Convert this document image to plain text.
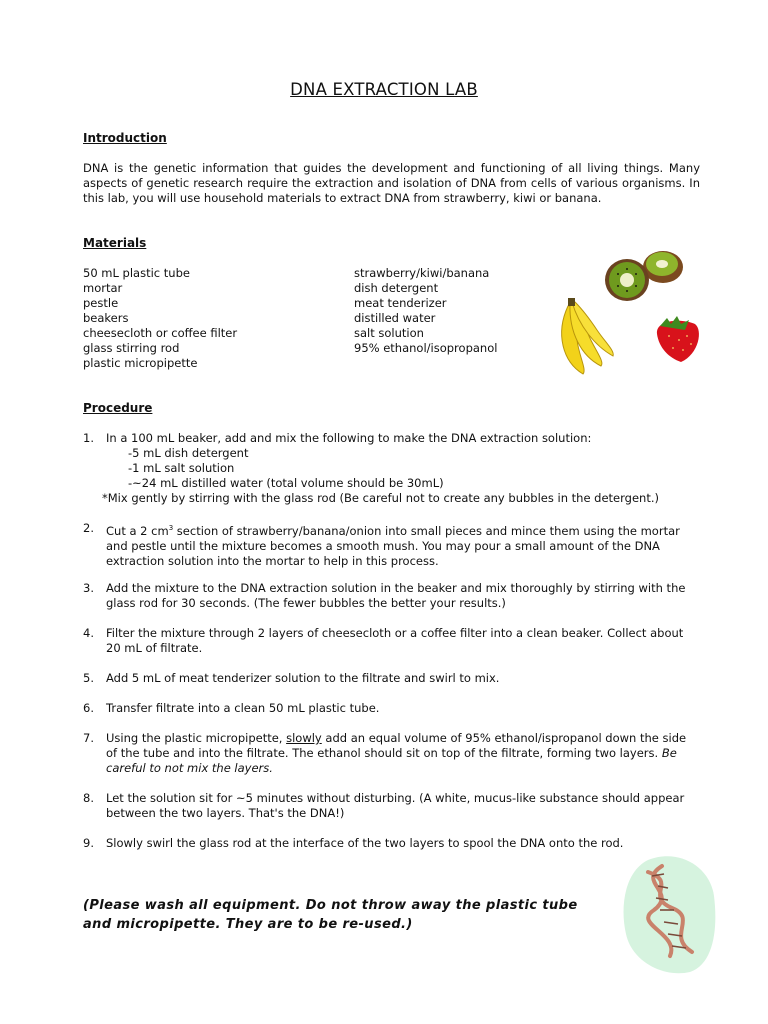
DNA EXTRACTION LAB
Introduction
DNA is the genetic information that guides the development and functioning of all living things. Many aspects of genetic research require the extraction and isolation of DNA from cells of various organisms. In this lab, you will use household materials to extract DNA from strawberry, kiwi or banana.
Materials
50 mL plastic tube
mortar
pestle
beakers
cheesecloth or coffee filter
glass stirring rod
plastic micropipette
strawberry/kiwi/banana
dish detergent
meat tenderizer
distilled water
salt solution
95% ethanol/isopropanol
Procedure
1.	In a 100 mL beaker, add and mix the following to make the DNA extraction solution:
-5 mL dish detergent
-1 mL salt solution
-~24 mL distilled water (total volume should be 30mL)
*Mix gently by stirring with the glass rod (Be careful not to create any bubbles in the detergent.)
2.	Cut a 2 $cm^3$ section of strawberry/banana/onion into small pieces and mince them using the mortar and pestle until the mixture becomes a smooth mush. You may pour a small amount of the DNA extraction solution into the mortar to help in this process.
3.	Add the mixture to the DNA extraction solution in the beaker and mix thoroughly by stirring with the glass rod for 30 seconds. (The fewer bubbles the better your results.)
4.	Filter the mixture through 2 layers of cheesecloth or a coffee filter into a clean beaker. Collect about 20 mL of filtrate.
5.	Add 5 mL of meat tenderizer solution to the filtrate and swirl to mix.
6.	Transfer filtrate into a clean 50 mL plastic tube.
7.	Using the plastic micropipette, slowly add an equal volume of 95% ethanol/ispropanol down the side of the tube and into the filtrate. The ethanol should sit on top of the filtrate, forming two layers. Be careful to not mix the layers.
8.	Let the solution sit for ~5 minutes without disturbing. (A white, mucus-like substance should appear between the two layers. That's the DNA!)
9.	Slowly swirl the glass rod at the interface of the two layers to spool the DNA onto the rod.
(Please wash all equipment. Do not throw away the plastic tube and micropipette. They are to be re-used.)
